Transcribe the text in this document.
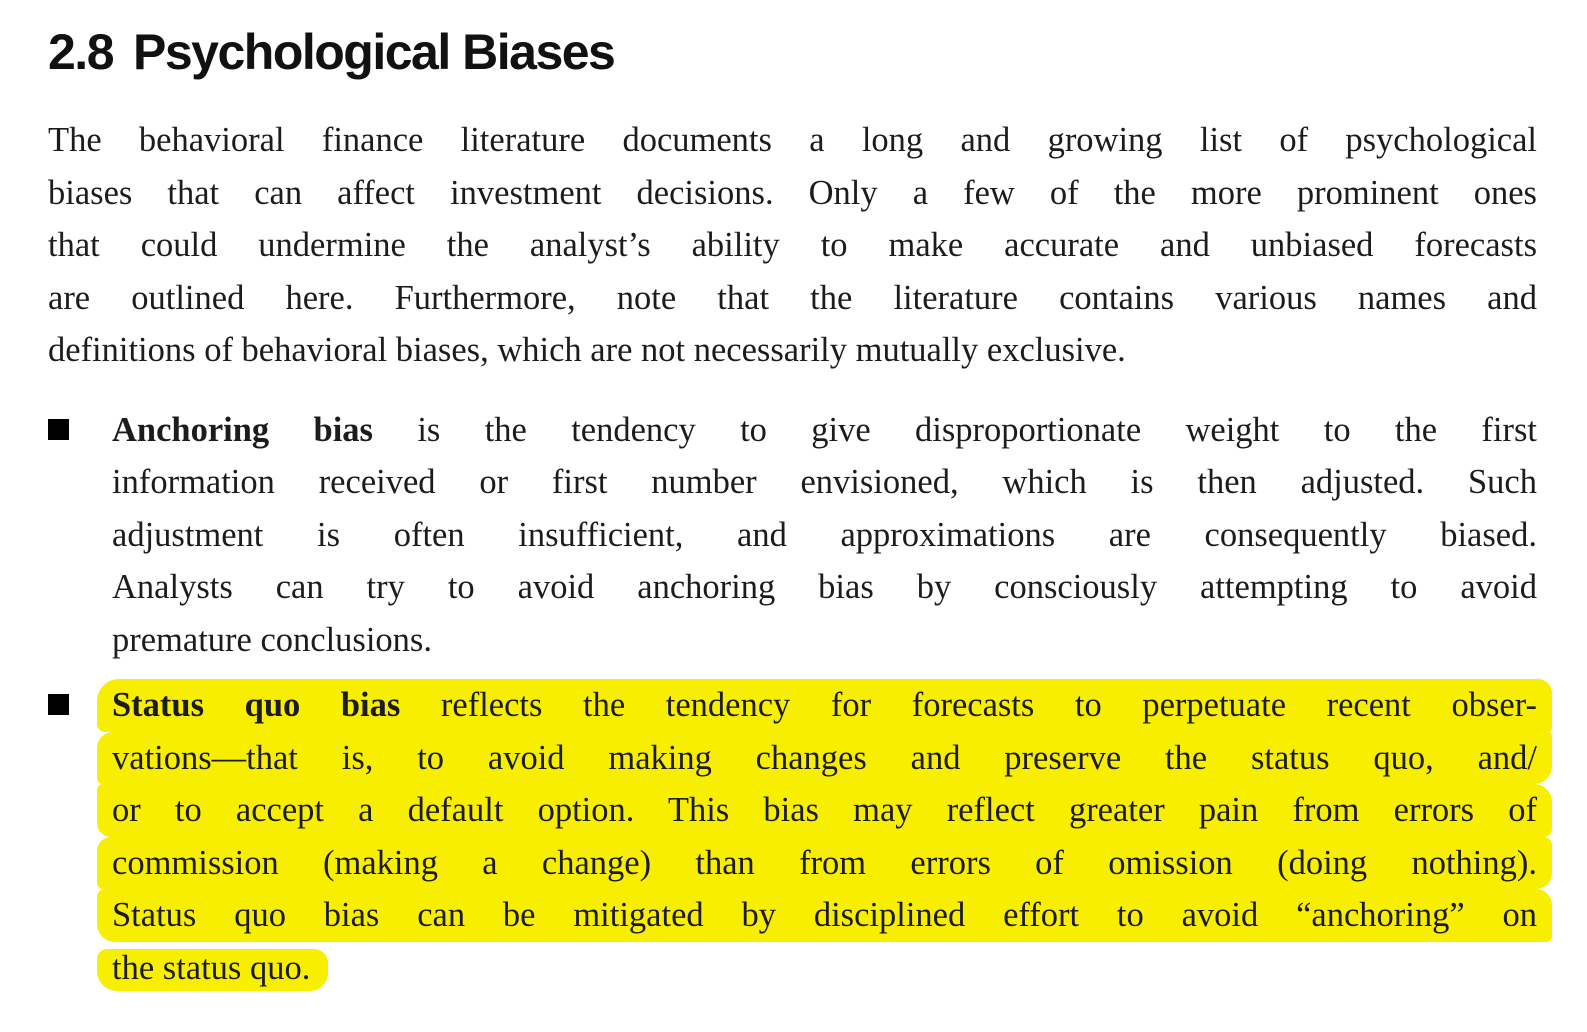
2.8 Psychological Biases
The behavioral finance literature documents a long and growing list of psychological
biases that can affect investment decisions. Only a few of the more prominent ones
that could undermine the analyst’s ability to make accurate and unbiased forecasts
are outlined here. Furthermore, note that the literature contains various names and
definitions of behavioral biases, which are not necessarily mutually exclusive.
Anchoring bias is the tendency to give disproportionate weight to the first
information received or first number envisioned, which is then adjusted. Such
adjustment is often insufficient, and approximations are consequently biased.
Analysts can try to avoid anchoring bias by consciously attempting to avoid
premature conclusions.
Status quo bias reflects the tendency for forecasts to perpetuate recent obser-
vations—that is, to avoid making changes and preserve the status quo, and/
or to accept a default option. This bias may reflect greater pain from errors of
commission (making a change) than from errors of omission (doing nothing).
Status quo bias can be mitigated by disciplined effort to avoid “anchoring” on
the status quo.
